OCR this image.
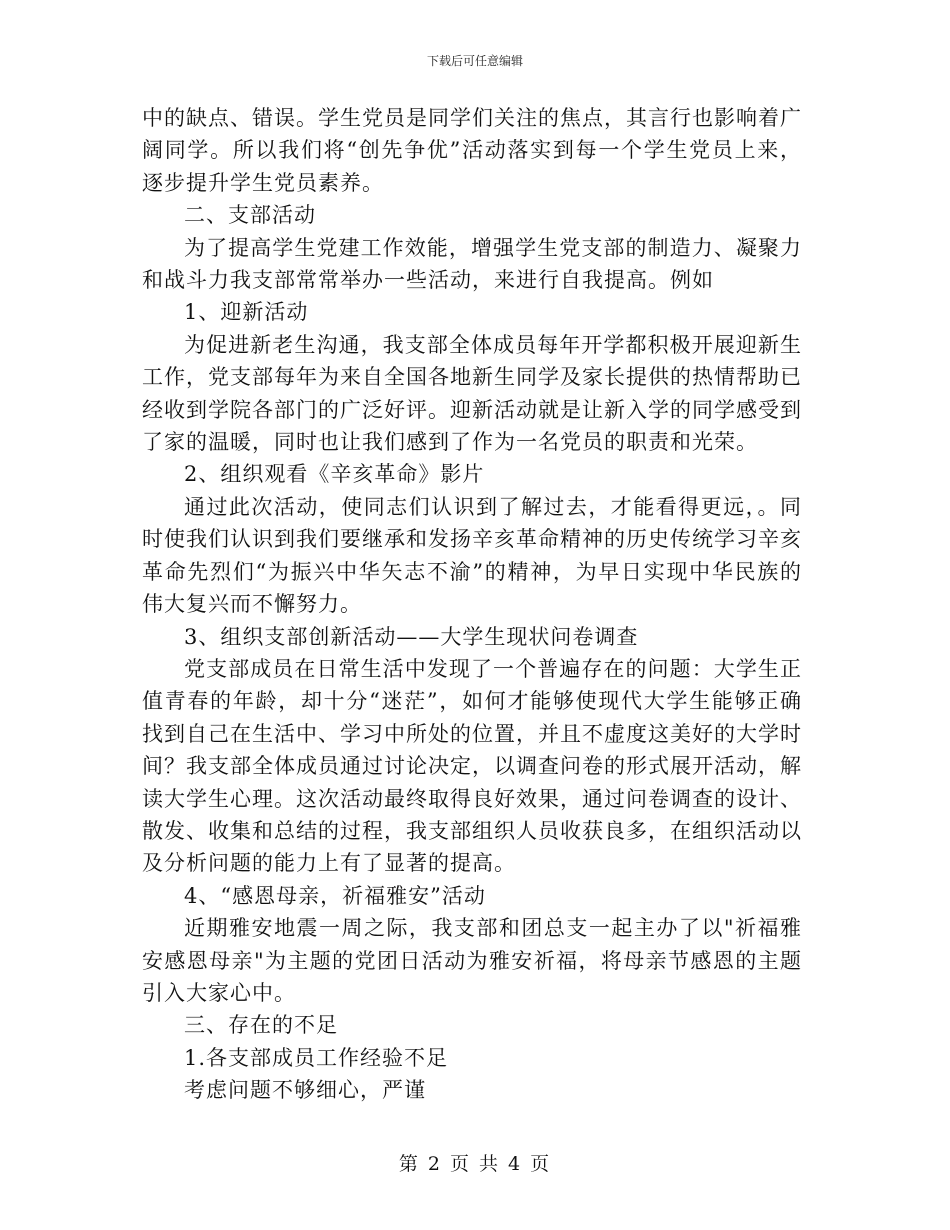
下载后可任意编辑

中的缺点、错误。学生党员是同学们关注的焦点，其言行也影响着广阔同学。所以我们将“创先争优”活动落实到每一个学生党员上来，逐步提升学生党员素养。

二、支部活动

为了提高学生党建工作效能，增强学生党支部的制造力、凝聚力和战斗力我支部常常举办一些活动，来进行自我提高。例如

1、迎新活动

为促进新老生沟通，我支部全体成员每年开学都积极开展迎新生工作，党支部每年为来自全国各地新生同学及家长提供的热情帮助已经收到学院各部门的广泛好评。迎新活动就是让新入学的同学感受到了家的温暖，同时也让我们感到了作为一名党员的职责和光荣。

2、组织观看《辛亥革命》影片

通过此次活动，使同志们认识到了解过去，才能看得更远，。同时使我们认识到我们要继承和发扬辛亥革命精神的历史传统学习辛亥革命先烈们“为振兴中华矢志不渝”的精神，为早日实现中华民族的伟大复兴而不懈努力。

3、组织支部创新活动——大学生现状问卷调查

党支部成员在日常生活中发现了一个普遍存在的问题：大学生正值青春的年龄，却十分“迷茫”，如何才能够使现代大学生能够正确找到自己在生活中、学习中所处的位置，并且不虚度这美好的大学时间？我支部全体成员通过讨论决定，以调查问卷的形式展开活动，解读大学生心理。这次活动最终取得良好效果，通过问卷调查的设计、散发、收集和总结的过程，我支部组织人员收获良多，在组织活动以及分析问题的能力上有了显著的提高。

4、“感恩母亲，祈福雅安”活动

近期雅安地震一周之际，我支部和团总支一起主办了以"祈福雅安感恩母亲"为主题的党团日活动为雅安祈福，将母亲节感恩的主题引入大家心中。

三、存在的不足

1.各支部成员工作经验不足

考虑问题不够细心，严谨

第 2 页 共 4 页
